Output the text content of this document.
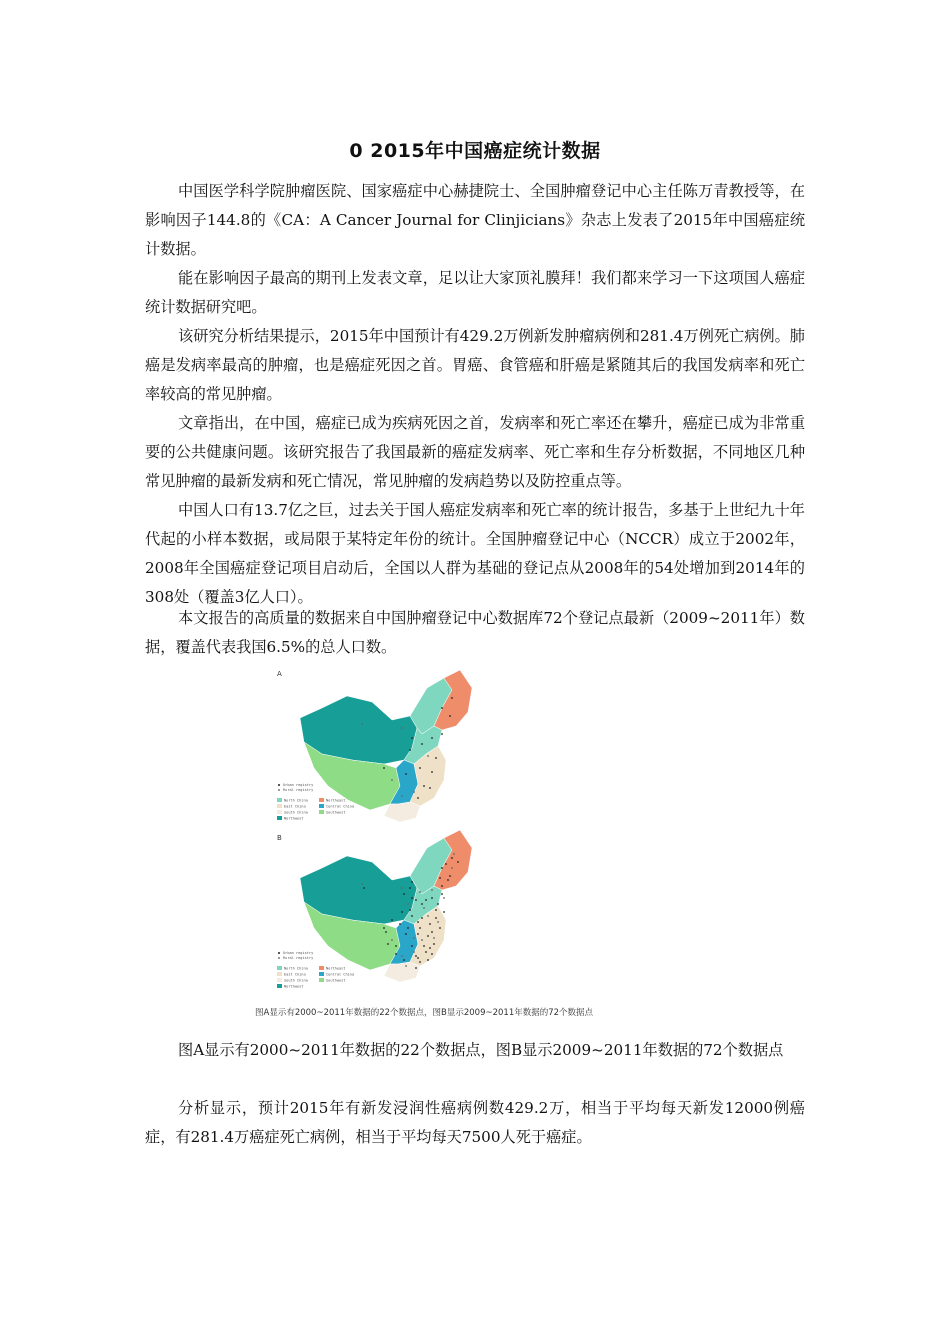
0 2015年中国癌症统计数据

中国医学科学院肿瘤医院、国家癌症中心赫捷院士、全国肿瘤登记中心主任陈万青教授等，在影响因子144.8的《CA：A Cancer Journal for Clinjicians》杂志上发表了2015年中国癌症统计数据。

能在影响因子最高的期刊上发表文章，足以让大家顶礼膜拜！我们都来学习一下这项国人癌症统计数据研究吧。

该研究分析结果提示，2015年中国预计有429.2万例新发肿瘤病例和281.4万例死亡病例。肺癌是发病率最高的肿瘤，也是癌症死因之首。胃癌、食管癌和肝癌是紧随其后的我国发病率和死亡率较高的常见肿瘤。

文章指出，在中国，癌症已成为疾病死因之首，发病率和死亡率还在攀升，癌症已成为非常重要的公共健康问题。该研究报告了我国最新的癌症发病率、死亡率和生存分析数据，不同地区几种常见肿瘤的最新发病和死亡情况，常见肿瘤的发病趋势以及防控重点等。

中国人口有13.7亿之巨，过去关于国人癌症发病率和死亡率的统计报告，多基于上世纪九十年代起的小样本数据，或局限于某特定年份的统计。全国肿瘤登记中心（NCCR）成立于2002年，2008年全国癌症登记项目启动后，全国以人群为基础的登记点从2008年的54处增加到2014年的308处（覆盖3亿人口）。

本文报告的高质量的数据来自中国肿瘤登记中心数据库72个登记点最新（2009~2011年）数据，覆盖代表我国6.5%的总人口数。

A
Urban registry
Rural registry
North China
East China
South China
Northwest
Northeast
Central China
Southwest
B
Urban registry
Rural registry
North China
East China
South China
Northwest
Northeast
Central China
Southwest
图A显示有2000~2011年数据的22个数据点，图B显示2009~2011年数据的72个数据点

图A显示有2000~2011年数据的22个数据点，图B显示2009~2011年数据的72个数据点

分析显示，预计2015年有新发浸润性癌病例数429.2万，相当于平均每天新发12000例癌症，有281.4万癌症死亡病例，相当于平均每天7500人死于癌症。
